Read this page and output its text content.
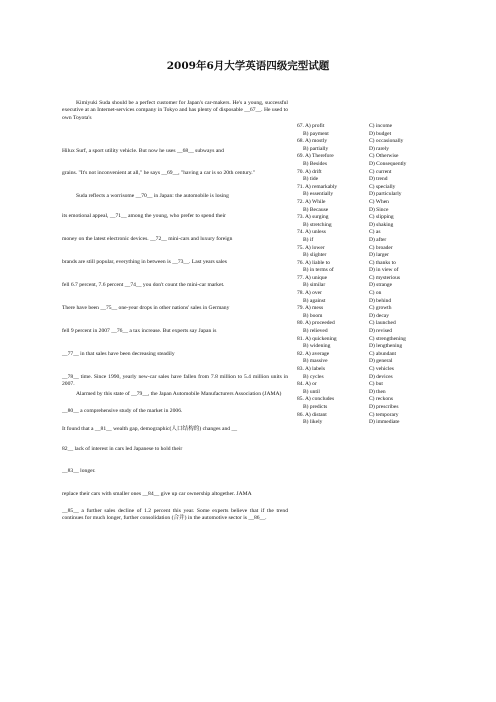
2009年6月大学英语四级完型试题
Kimiyuki Suda should be a perfect customer for Japan's car-makers. He's a young, successful executive at an Internet-services company in Tokyo and has plenty of disposable __67__. He used to own Toyota's
Hilux Surf, a sport utility vehicle. But now he uses __68__ subways and
grains. "It's not inconvenient at all," he says __69__, "having a car is so 20th century."
Suda reflects a worrisome __70__ in Japan: the automobile is losing
its emotional appeal, __71__ among the young, who prefer to spend their
money on the latest electronic devices. __72__ mini-cars and luxury foreign
brands are still popular, everything in between is __73__. Last years sales
fell 6.7 percent, 7.6 percent __74__ you don't count the mini-car market.
There have been __75__ one-year drops in other nations' sales in Germany
fell 9 percent in 2007 __76__ a tax increase. But experts say Japan is
__77__ in that sales have been decreasing steadily
__78__ time. Since 1990, yearly new-car sales have fallen from 7.8 million to 5.4 million units in 2007.
Alarmed by this state of __79__, the Japan Automobile Manufacturers Association (JAMA)
__80__ a comprehensive study of the market in 2006.
It found that a __81__ wealth gap, demographic(人口结构的) changes and __
82__ lack of interest in cars led Japanese to hold their
__83__ longer.
replace their cars with smaller ones __84__ give up car ownership altogether. JAMA
__85__ a further sales decline of 1.2 percent this year. Some experts believe that if the trend continues for much longer, further consolidation (合并) in the automotive sector is __86__.
67. A) profit	C) income
B) payment	D) budget
68. A) mostly	C) occasionally
B) partially	D) rarely
69. A) Therefore	C) Otherwise
B) Besides	D) Consequently
70. A) drift	C) current
B) tide	D) trend
71. A) remarkably	C) specially
B) essentially	D) particularly
72. A) While	C) When
B) Because	D) Since
73. A) surging	C) slipping
B) stretching	D) shaking
74. A) unless	C) as
B) if	D) after
75. A) lower	C) broader
B) slighter	D) larger
76. A) liable to	C) thanks to
B) in terms of	D) in view of
77. A) unique	C) mysterious
B) similar	D) strange
78. A) over	C) on
B) against	D) behind
79. A) mess	C) growth
B) boom	D) decay
80. A) proceeded	C) launched
B) relieved	D) revised
81. A) quickening	C) strengthening
B) widening	D) lengthening
82. A) average	C) abundant
B) massive	D) general
83. A) labels	C) vehicles
B) cycles	D) devices
84. A) or	C) but
B) until	D) then
85. A) concludes	C) reckons
B) predicts	D) prescribes
86. A) distant	C) temporary
B) likely	D) immediate
